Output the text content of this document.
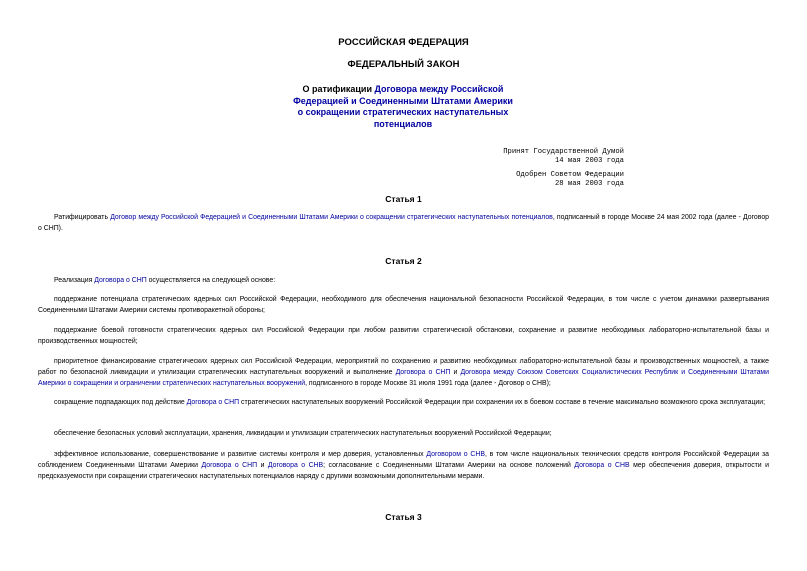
РОССИЙСКАЯ ФЕДЕРАЦИЯ
ФЕДЕРАЛЬНЫЙ ЗАКОН
О ратификации Договора между Российской Федерацией и Соединенными Штатами Америки о сокращении стратегических наступательных потенциалов
Принят Государственной Думой
14 мая 2003 года
Одобрен Советом Федерации
28 мая 2003 года
Статья 1
Ратифицировать Договор между Российской Федерацией и Соединенными Штатами Америки о сокращении стратегических наступательных потенциалов, подписанный в городе Москве 24 мая 2002 года (далее - Договор о СНП).
Статья 2
Реализация Договора о СНП осуществляется на следующей основе:
поддержание потенциала стратегических ядерных сил Российской Федерации, необходимого для обеспечения национальной безопасности Российской Федерации, в том числе с учетом динамики развертывания Соединенными Штатами Америки системы противоракетной обороны;
поддержание боевой готовности стратегических ядерных сил Российской Федерации при любом развитии стратегической обстановки, сохранение и развитие необходимых лабораторно-испытательной базы и производственных мощностей;
приоритетное финансирование стратегических ядерных сил Российской Федерации, мероприятий по сохранению и развитию необходимых лабораторно-испытательной базы и производственных мощностей, а также работ по безопасной ликвидации и утилизации стратегических наступательных вооружений и выполнение Договора о СНП и Договора между Союзом Советских Социалистических Республик и Соединенными Штатами Америки о сокращении и ограничении стратегических наступательных вооружений, подписанного в городе Москве 31 июля 1991 года (далее - Договор о СНВ);
сокращение подпадающих под действие Договора о СНП стратегических наступательных вооружений Российской Федерации при сохранении их в боевом составе в течение максимально возможного срока эксплуатации;
обеспечение безопасных условий эксплуатации, хранения, ликвидации и утилизации стратегических наступательных вооружений Российской Федерации;
эффективное использование, совершенствование и развитие системы контроля и мер доверия, установленных Договором о СНВ, в том числе национальных технических средств контроля Российской Федерации за соблюдением Соединенными Штатами Америки Договора о СНП и Договора о СНВ; согласование с Соединенными Штатами Америки на основе положений Договора о СНВ мер обеспечения доверия, открытости и предсказуемости при сокращении стратегических наступательных потенциалов наряду с другими возможными дополнительными мерами.
Статья 3
